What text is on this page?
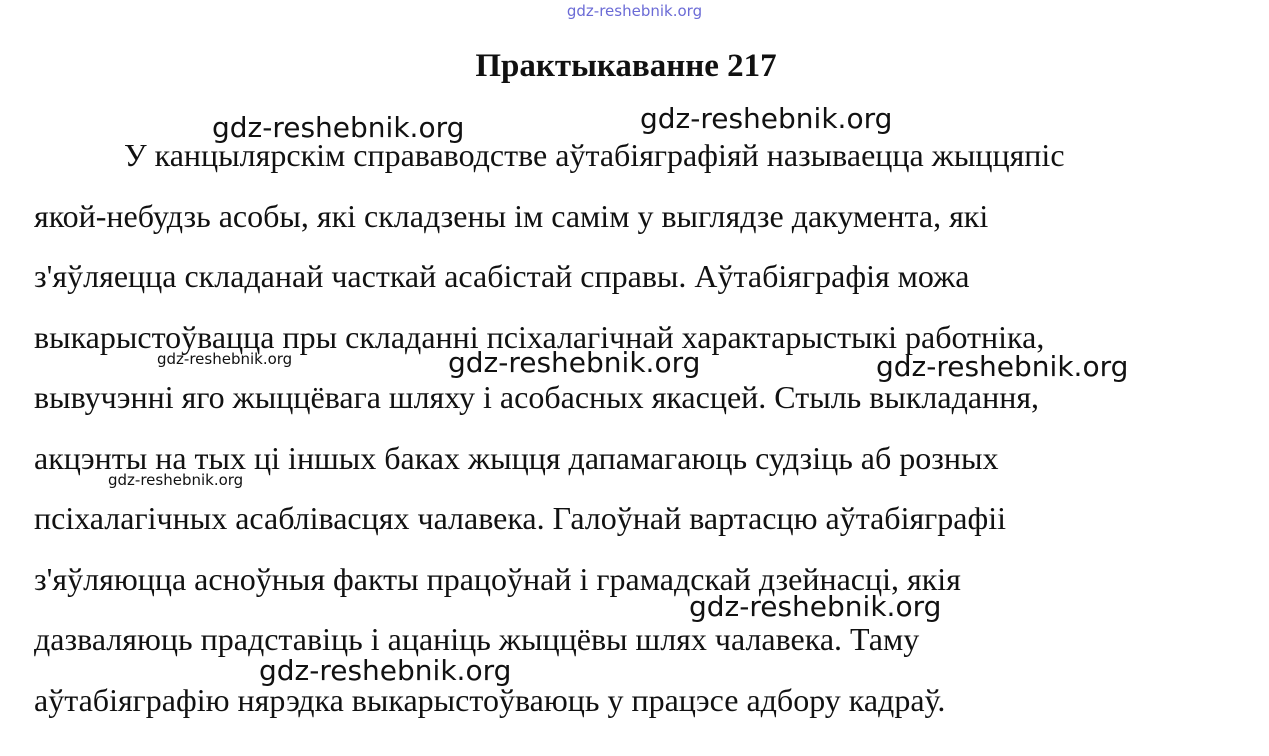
gdz-reshebnik.org
Практыкаванне 217
У канцылярскім справаводстве аўтабіяграфіяй называецца жыццяпіс
якой-небудзь асобы, які складзены ім самім у выглядзе дакумента, які
з'яўляецца складанай часткай асабістай справы. Аўтабіяграфія можа
выкарыстоўвацца пры складанні псіхалагічнай характарыстыкі работніка,
вывучэнні яго жыццёвага шляху і асобасных якасцей. Стыль выкладання,
акцэнты на тых ці іншых баках жыцця дапамагаюць судзіць аб розных
псіхалагічных асаблівасцях чалавека. Галоўнай вартасцю аўтабіяграфіі
з'яўляюцца асноўныя факты працоўнай і грамадскай дзейнасці, якія
дазваляюць прадставіць і ацаніць жыццёвы шлях чалавека. Таму
аўтабіяграфію нярэдка выкарыстоўваюць у працэсе адбору кадраў.
gdz-reshebnik.org	gdz-reshebnik.org
gdz-reshebnik.org	gdz-reshebnik.org	gdz-reshebnik.org
gdz-reshebnik.org
gdz-reshebnik.org
gdz-reshebnik.org
